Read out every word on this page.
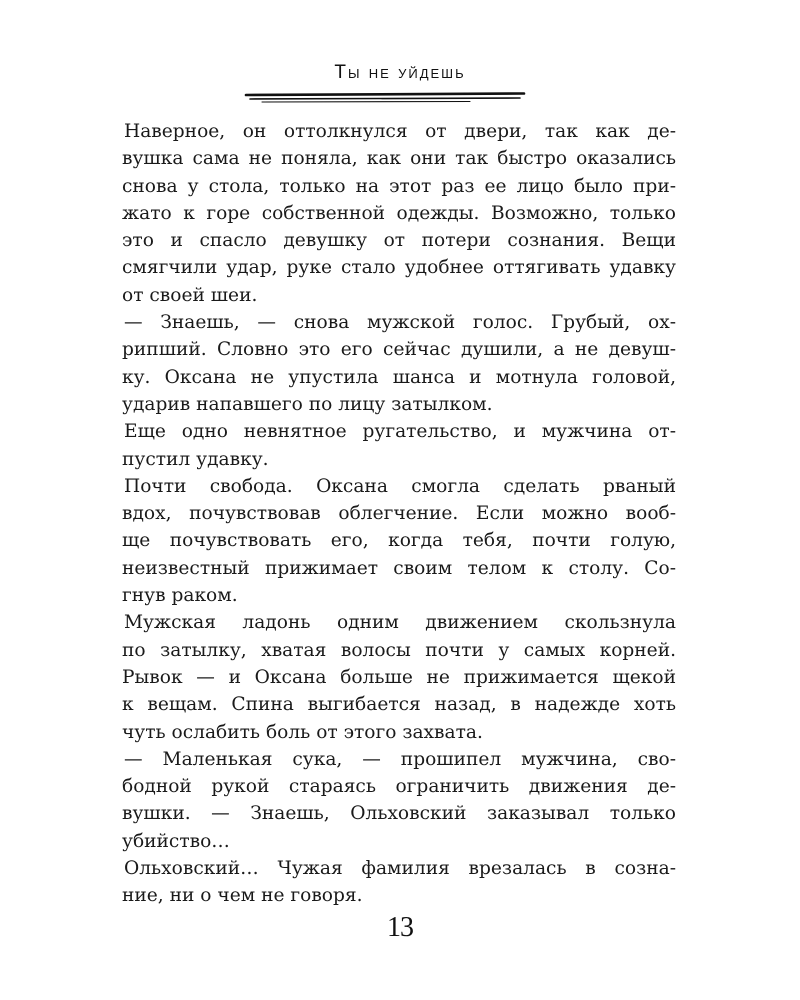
Ты не уйдешь
Наверное, он оттолкнулся от двери, так как де-
вушка сама не поняла, как они так быстро оказались
снова у стола, только на этот раз ее лицо было при-
жато к горе собственной одежды. Возможно, только
это и спасло девушку от потери сознания. Вещи
смягчили удар, руке стало удобнее оттягивать удавку
от своей шеи.
— Знаешь, — снова мужской голос. Грубый, ох-
рипший. Словно это его сейчас душили, а не девуш-
ку. Оксана не упустила шанса и мотнула головой,
ударив напавшего по лицу затылком.
Еще одно невнятное ругательство, и мужчина от-
пустил удавку.
Почти свобода. Оксана смогла сделать рваный
вдох, почувствовав облегчение. Если можно вооб-
ще почувствовать его, когда тебя, почти голую,
неизвестный прижимает своим телом к столу. Со-
гнув раком.
Мужская ладонь одним движением скользнула
по затылку, хватая волосы почти у самых корней.
Рывок — и Оксана больше не прижимается щекой
к вещам. Спина выгибается назад, в надежде хоть
чуть ослабить боль от этого захвата.
— Маленькая сука, — прошипел мужчина, сво-
бодной рукой стараясь ограничить движения де-
вушки. — Знаешь, Ольховский заказывал только
убийство…
Ольховский… Чужая фамилия врезалась в созна-
ние, ни о чем не говоря.
13
